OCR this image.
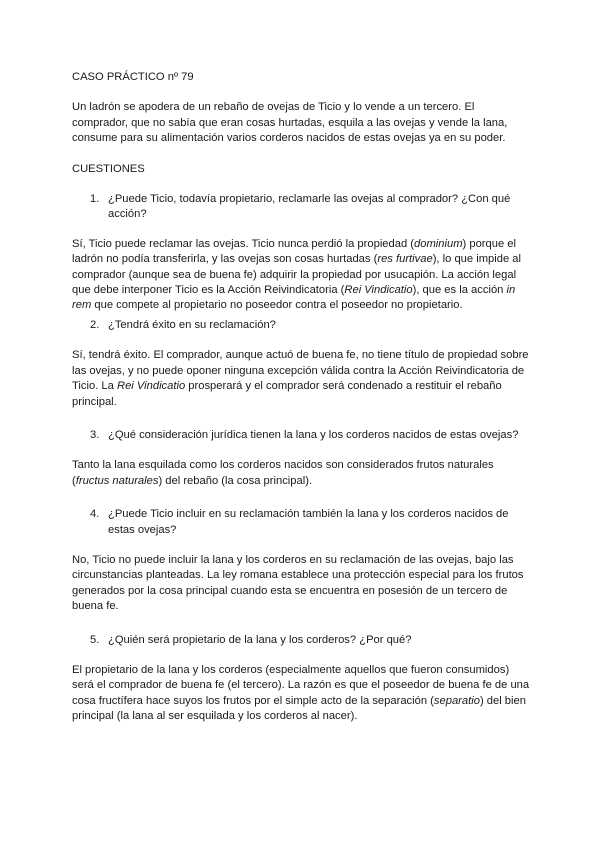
CASO PRÁCTICO nº 79

Un ladrón se apodera de un rebaño de ovejas de Ticio y lo vende a un tercero. El comprador, que no sabía que eran cosas hurtadas, esquila a las ovejas y vende la lana, consume para su alimentación varios corderos nacidos de estas ovejas ya en su poder.

CUESTIONES

1. ¿Puede Ticio, todavía propietario, reclamarle las ovejas al comprador? ¿Con qué acción?

Sí, Ticio puede reclamar las ovejas. Ticio nunca perdió la propiedad (dominium) porque el ladrón no podía transferirla, y las ovejas son cosas hurtadas (res furtivae), lo que impide al comprador (aunque sea de buena fe) adquirir la propiedad por usucapión. La acción legal que debe interponer Ticio es la Acción Reivindicatoria (Rei Vindicatio), que es la acción in rem que compete al propietario no poseedor contra el poseedor no propietario.

2. ¿Tendrá éxito en su reclamación?

Sí, tendrá éxito. El comprador, aunque actuó de buena fe, no tiene título de propiedad sobre las ovejas, y no puede oponer ninguna excepción válida contra la Acción Reivindicatoria de Ticio. La Rei Vindicatio prosperará y el comprador será condenado a restituir el rebaño principal.

3. ¿Qué consideración jurídica tienen la lana y los corderos nacidos de estas ovejas?

Tanto la lana esquilada como los corderos nacidos son considerados frutos naturales (fructus naturales) del rebaño (la cosa principal).

4. ¿Puede Ticio incluir en su reclamación también la lana y los corderos nacidos de estas ovejas?

No, Ticio no puede incluir la lana y los corderos en su reclamación de las ovejas, bajo las circunstancias planteadas. La ley romana establece una protección especial para los frutos generados por la cosa principal cuando esta se encuentra en posesión de un tercero de buena fe.

5. ¿Quién será propietario de la lana y los corderos? ¿Por qué?

El propietario de la lana y los corderos (especialmente aquellos que fueron consumidos) será el comprador de buena fe (el tercero). La razón es que el poseedor de buena fe de una cosa fructífera hace suyos los frutos por el simple acto de la separación (separatio) del bien principal (la lana al ser esquilada y los corderos al nacer).
